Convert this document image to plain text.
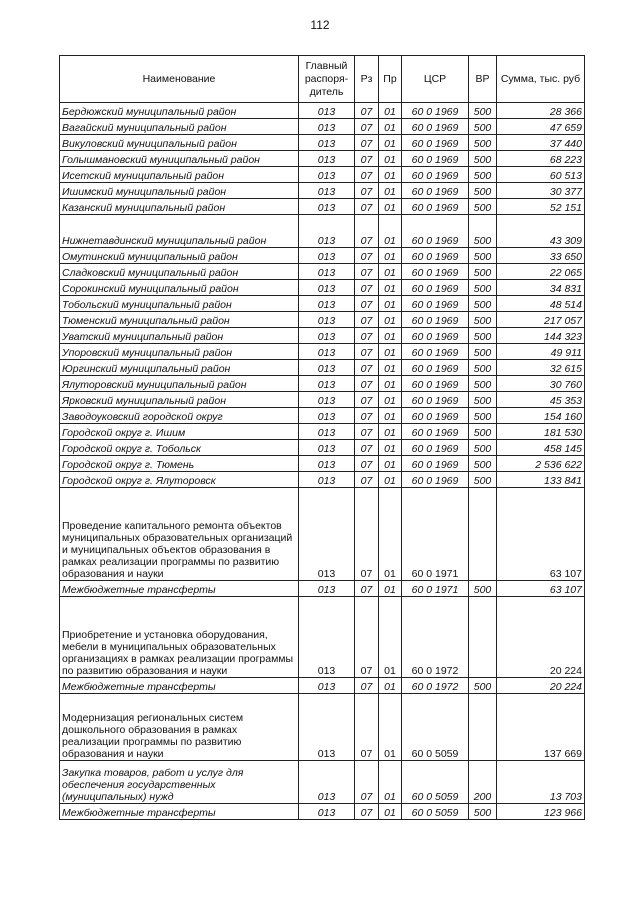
112
Наименование	Главный распоря-дитель	Рз	Пр	ЦСР	ВР	Сумма, тыс. руб
Бердюжский муниципальный район	013	07	01	60 0 1969	500	28 366
Вагайский муниципальный район	013	07	01	60 0 1969	500	47 659
Викуловский муниципальный район	013	07	01	60 0 1969	500	37 440
Голышмановский муниципальный район	013	07	01	60 0 1969	500	68 223
Исетский муниципальный район	013	07	01	60 0 1969	500	60 513
Ишимский муниципальный район	013	07	01	60 0 1969	500	30 377
Казанский муниципальный район	013	07	01	60 0 1969	500	52 151
Нижнетавдинский муниципальный район	013	07	01	60 0 1969	500	43 309
Омутинский муниципальный район	013	07	01	60 0 1969	500	33 650
Сладковский муниципальный район	013	07	01	60 0 1969	500	22 065
Сорокинский муниципальный район	013	07	01	60 0 1969	500	34 831
Тобольский муниципальный район	013	07	01	60 0 1969	500	48 514
Тюменский муниципальный район	013	07	01	60 0 1969	500	217 057
Уватский муниципальный район	013	07	01	60 0 1969	500	144 323
Упоровский муниципальный район	013	07	01	60 0 1969	500	49 911
Юргинский муниципальный район	013	07	01	60 0 1969	500	32 615
Ялуторовский муниципальный район	013	07	01	60 0 1969	500	30 760
Ярковский муниципальный район	013	07	01	60 0 1969	500	45 353
Заводоуковский городской округ	013	07	01	60 0 1969	500	154 160
Городской округ г. Ишим	013	07	01	60 0 1969	500	181 530
Городской округ г. Тобольск	013	07	01	60 0 1969	500	458 145
Городской округ г. Тюмень	013	07	01	60 0 1969	500	2 536 622
Городской округ г. Ялуторовск	013	07	01	60 0 1969	500	133 841
Проведение капитального ремонта объектов муниципальных образовательных организаций и муниципальных объектов образования в рамках реализации программы по развитию образования и науки	013	07	01	60 0 1971		63 107
Межбюджетные трансферты	013	07	01	60 0 1971	500	63 107
Приобретение и установка оборудования, мебели в муниципальных образовательных организациях в рамках реализации программы по развитию образования и науки	013	07	01	60 0 1972		20 224
Межбюджетные трансферты	013	07	01	60 0 1972	500	20 224
Модернизация региональных систем дошкольного образования в рамках реализации программы по развитию образования и науки	013	07	01	60 0 5059		137 669
Закупка товаров, работ и услуг для обеспечения государственных (муниципальных) нужд	013	07	01	60 0 5059	200	13 703
Межбюджетные трансферты	013	07	01	60 0 5059	500	123 966
